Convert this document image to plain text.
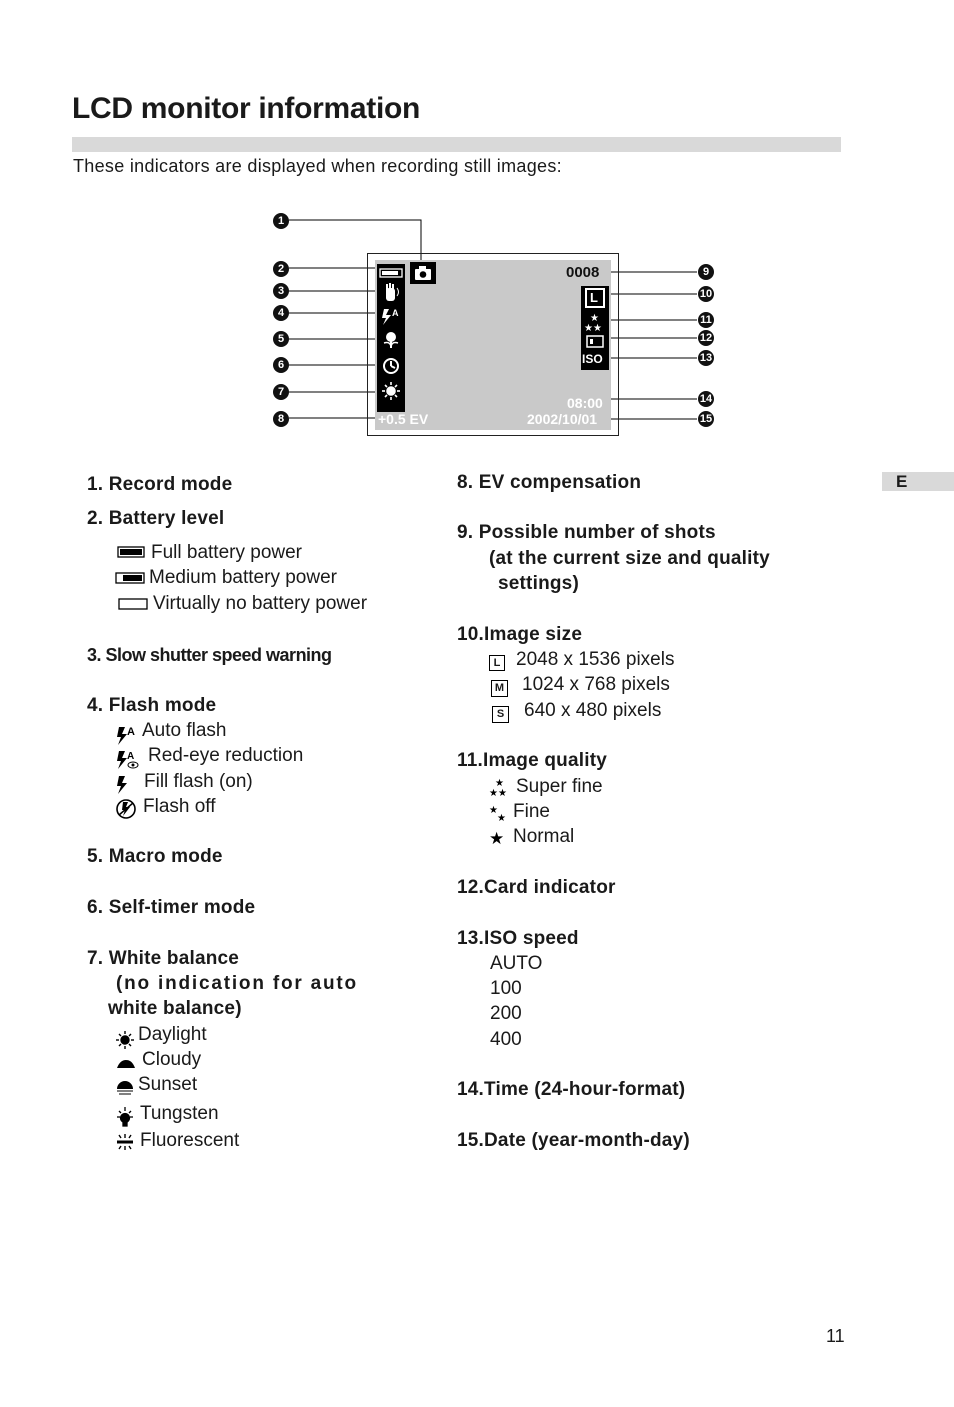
LCD monitor information
These indicators are displayed when recording still images:
E
A
0008
★
★★
L
ISO
08:00
+0.5 EV	2002/10/01
1
2
3
4
5
6
7
8
9
10
11
12
13
14
15
1. Record mode
2. Battery level
Full battery power
Medium battery power
Virtually no battery power
3. Slow shutter speed warning
4. Flash mode
A Auto flash
A Red-eye reduction
Fill flash (on)
Flash off
5. Macro mode
6. Self-timer mode
7. White balance
(no indication for auto
white balance)
Daylight
Cloudy
Sunset
Tungsten
Fluorescent
8. EV compensation
9. Possible number of shots
(at the current size and quality
settings)
10.Image size
L 2048 x 1536 pixels
M 1024 x 768 pixels
S 640 x 480 pixels
11.Image quality
★
★★ Super fine
★
★ Fine
★ Normal
12.Card indicator
13.ISO speed
AUTO
100
200
400
14.Time (24-hour-format)
15.Date (year-month-day)
11
